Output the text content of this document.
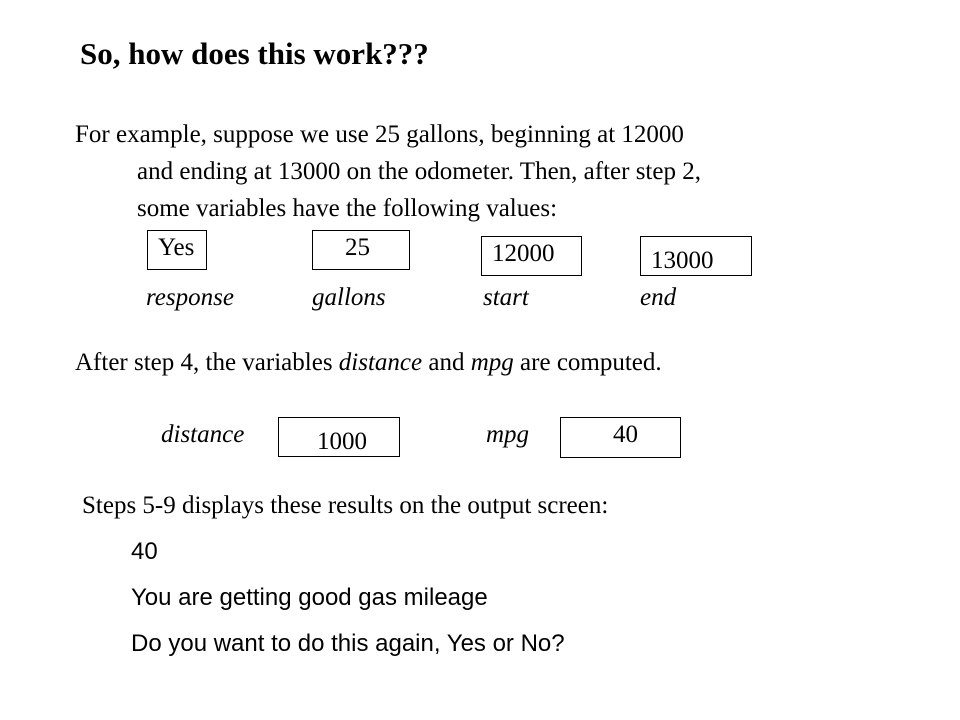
So, how does this work???
For example, suppose we use 25 gallons, beginning at 12000
and ending at 13000 on the odometer. Then, after step 2,
some variables have the following values:
Yes	25	12000	13000
response	gallons	start	end
After step 4, the variables distance and mpg are computed.
distance	1000	mpg	40
Steps 5-9 displays these results on the output screen:
40
You are getting good gas mileage
Do you want to do this again, Yes or No?
